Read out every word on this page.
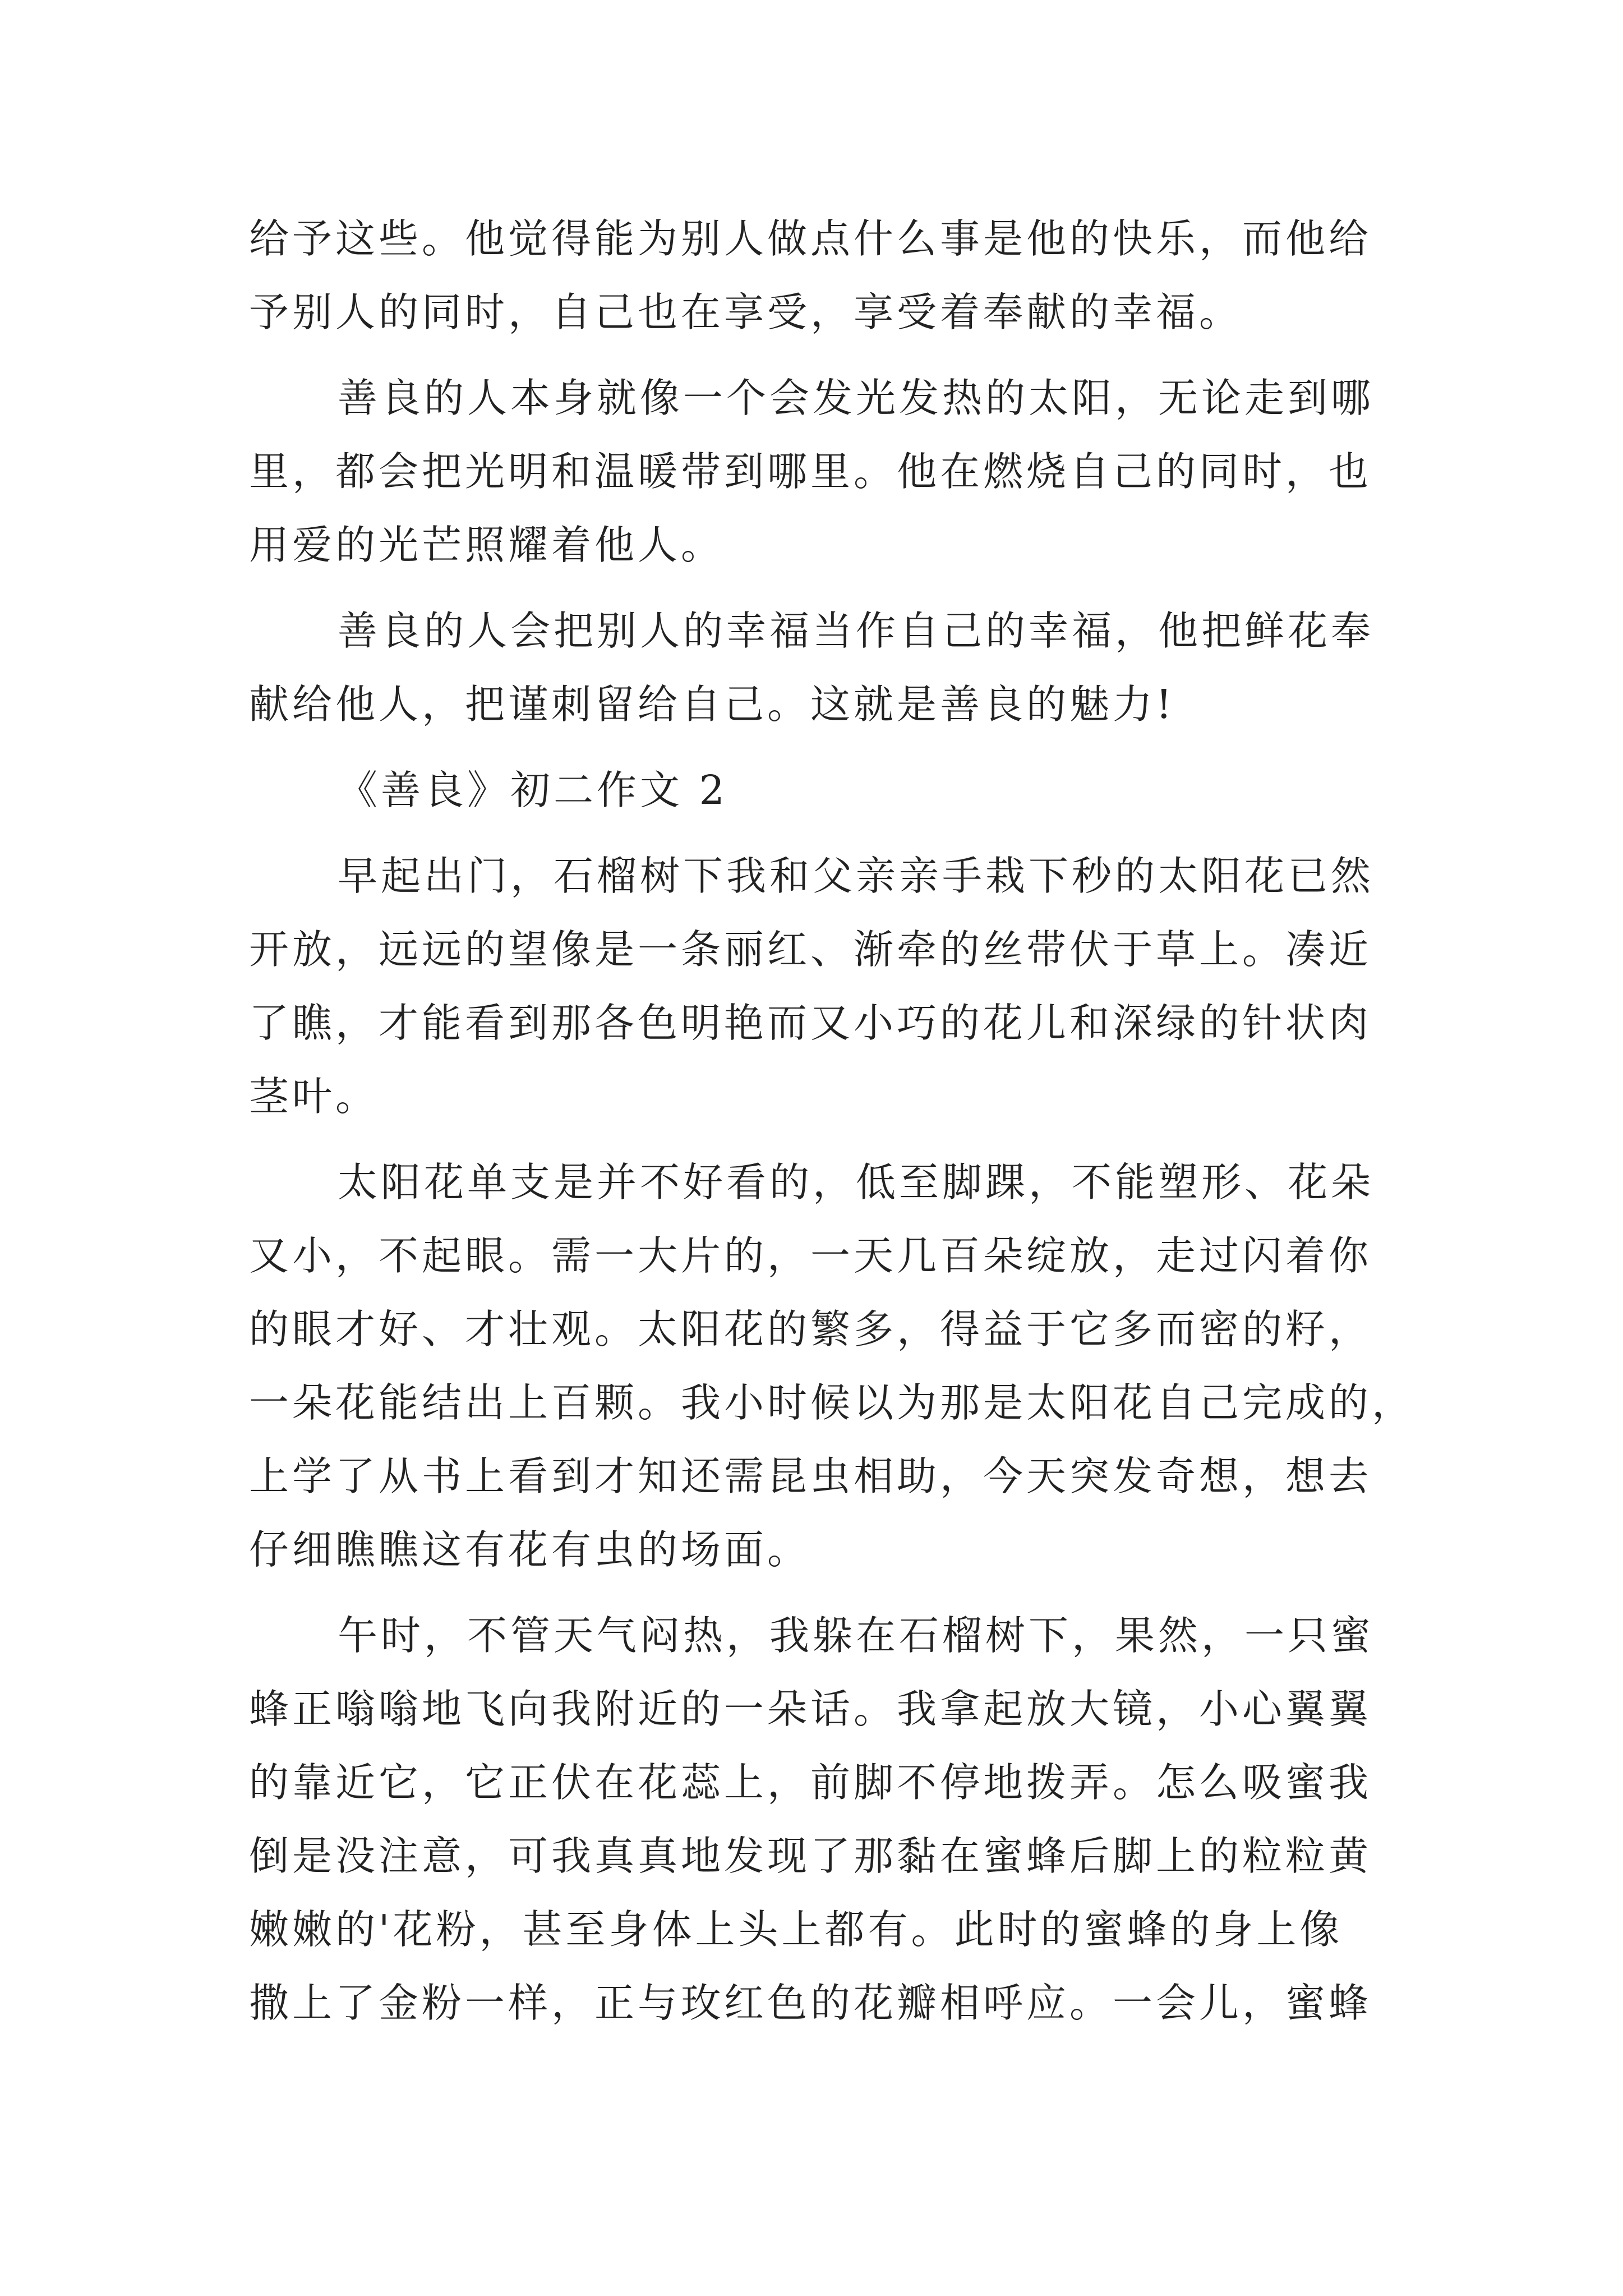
给予这些。他觉得能为别人做点什么事是他的快乐，而他给
予别人的同时，自己也在享受，享受着奉献的幸福。
善良的人本身就像一个会发光发热的太阳，无论走到哪
里，都会把光明和温暖带到哪里。他在燃烧自己的同时，也
用爱的光芒照耀着他人。
善良的人会把别人的幸福当作自己的幸福，他把鲜花奉
献给他人，把谨刺留给自己。这就是善良的魅力!
《善良》初二作文 2
早起出门，石榴树下我和父亲亲手栽下秒的太阳花已然
开放，远远的望像是一条丽红、渐牵的丝带伏于草上。凑近
了瞧，才能看到那各色明艳而又小巧的花儿和深绿的针状肉
茎叶。
太阳花单支是并不好看的，低至脚踝，不能塑形、花朵
又小，不起眼。需一大片的，一天几百朵绽放，走过闪着你
的眼才好、才壮观。太阳花的繁多，得益于它多而密的籽，
一朵花能结出上百颗。我小时候以为那是太阳花自己完成的，
上学了从书上看到才知还需昆虫相助，今天突发奇想，想去
仔细瞧瞧这有花有虫的场面。
午时，不管天气闷热，我躲在石榴树下，果然，一只蜜
蜂正嗡嗡地飞向我附近的一朵话。我拿起放大镜，小心翼翼
的靠近它，它正伏在花蕊上，前脚不停地拨弄。怎么吸蜜我
倒是没注意，可我真真地发现了那黏在蜜蜂后脚上的粒粒黄
嫩嫩的'花粉，甚至身体上头上都有。此时的蜜蜂的身上像
撒上了金粉一样，正与玫红色的花瓣相呼应。一会儿，蜜蜂
